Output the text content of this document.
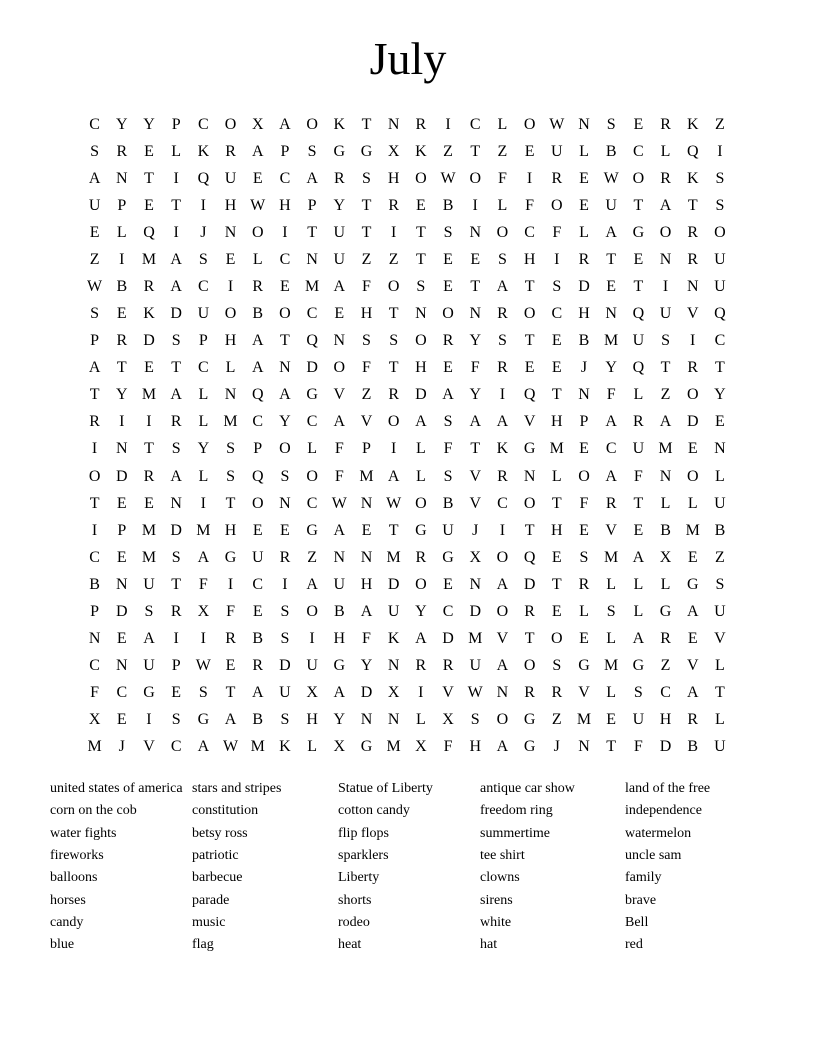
July
C	Y Y	P	C	O X A O K	T	N	R	I	C	L	O W N	S	E	R	K	Z
S	R	E	L	K	R	A	P	S	G G X K	Z	T	Z	E	U	L	B	C	L	Q	I
A N	T	I	Q U	E	C	A	R	S	H O W O	F	I	R	E W O	R	K	S
U	P	E	T	I	H W H	P	Y	T	R	E	B	I	L	F	O	E	U	T	A	T	S
E	L	Q	I	J	N O	I	T	U	T	I	T	S	N O	C	F	L	A G O	R	O
Z	I	M A	S	E	L	C	N U	Z	Z	T	E	E	S	H	I	R	T	E	N	R	U
W B	R	A	C	I	R	E M A	F	O	S	E	T	A	T	S	D	E	T	I	N U
S	E	K D U O	B	O	C	E	H	T	N O N	R	O	C	H N Q U V Q
P	R	D	S	P	H A	T	Q N	S	S	O	R	Y	S	T	E	B M U	S	I	C
A	T	E	T	C	L	A N D O	F	T	H	E	F	R	E	E	J	Y Q	T	R	T
T	Y M A	L	N Q A G V	Z	R	D A Y	I	Q	T	N	F	L	Z	O Y
R	I	I	R	L M C	Y	C	A V O A	S	A A V H	P	A	R	A D	E
I	N	T	S	Y	S	P	O	L	F	P	I	L	F	T	K G M E	C	U M E	N
O D	R	A	L	S	Q	S	O	F M A	L	S	V	R	N	L	O A	F	N O	L
T	E	E	N	I	T	O N	C W N W O	B	V	C	O	T	F	R	T	L	L	U
I	P M D M H	E	E	G A	E	T	G U	J	I	T	H	E	V	E	B M B
C	E M S	A G U	R	Z	N N M R	G X O Q	E	S M A X	E	Z
B	N U	T	F	I	C	I	A U H D O	E	N A D	T	R	L	L	L	G	S
P	D	S	R	X	F	E	S	O	B	A U Y	C	D O	R	E	L	S	L	G A U
N	E	A	I	I	R	B	S	I	H	F	K A D M V	T	O	E	L	A	R	E	V
C	N U	P W E	R	D U G Y N	R	R	U A O	S	G M G	Z	V	L
F	C	G	E	S	T	A U X A D X	I	V W N	R	R	V	L	S	C	A	T
X	E	I	S	G A	B	S	H Y N N	L	X	S	O G	Z M E	U H	R	L
M	J	V	C	A W M K	L	X G M X	F	H A G	J	N	T	F	D	B	U
united states of america
corn on the cob
water fights
fireworks
balloons
horses
candy
blue
stars and stripes
constitution
betsy ross
patriotic
barbecue
parade
music
flag
Statue of Liberty
cotton candy
flip flops
sparklers
Liberty
shorts
rodeo
heat
antique car show
freedom ring
summertime
tee shirt
clowns
sirens
white
hat
land of the free
independence
watermelon
uncle sam
family
brave
Bell
red
